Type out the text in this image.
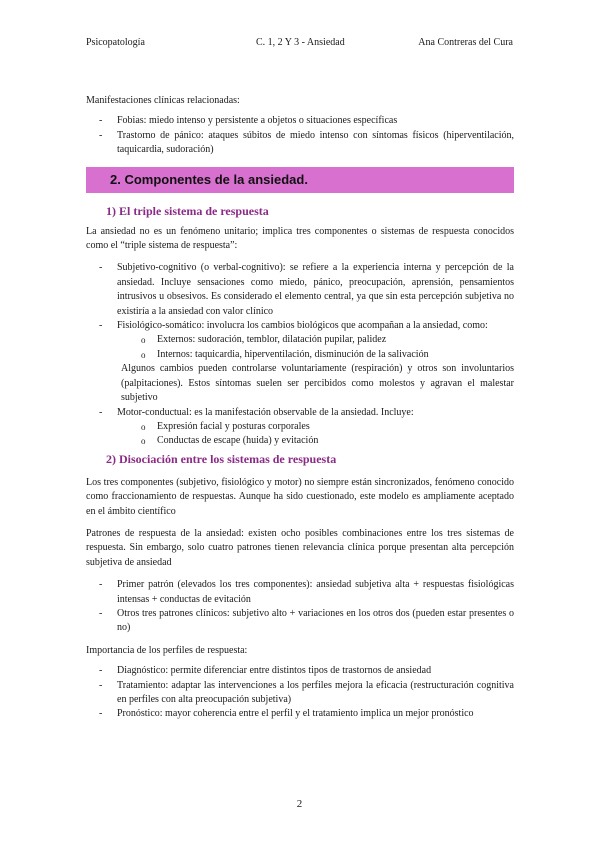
Psicopatología	C. 1, 2 Y 3 - Ansiedad	Ana Contreras del Cura

Manifestaciones clínicas relacionadas:

- Fobias: miedo intenso y persistente a objetos o situaciones específicas
- Trastorno de pánico: ataques súbitos de miedo intenso con síntomas físicos (hiperventilación, taquicardia, sudoración)
2. Componentes de la ansiedad.
1) El triple sistema de respuesta

La ansiedad no es un fenómeno unitario; implica tres componentes o sistemas de respuesta conocidos como el “triple sistema de respuesta”:

- Subjetivo-cognitivo (o verbal-cognitivo): se refiere a la experiencia interna y percepción de la ansiedad. Incluye sensaciones como miedo, pánico, preocupación, aprensión, pensamientos intrusivos u obsesivos. Es considerado el elemento central, ya que sin esta percepción subjetiva no existiría a la ansiedad con valor clínico
- Fisiológico-somático: involucra los cambios biológicos que acompañan a la ansiedad, como:
o Externos: sudoración, temblor, dilatación pupilar, palidez
o Internos: taquicardia, hiperventilación, disminución de la salivación

Algunos cambios pueden controlarse voluntariamente (respiración) y otros son involuntarios (palpitaciones). Estos síntomas suelen ser percibidos como molestos y agravan el malestar subjetivo

- Motor-conductual: es la manifestación observable de la ansiedad. Incluye:
o Expresión facial y posturas corporales
o Conductas de escape (huida) y evitación
2) Disociación entre los sistemas de respuesta

Los tres componentes (subjetivo, fisiológico y motor) no siempre están sincronizados, fenómeno conocido como fraccionamiento de respuestas. Aunque ha sido cuestionado, este modelo es ampliamente aceptado en el ámbito científico

Patrones de respuesta de la ansiedad: existen ocho posibles combinaciones entre los tres sistemas de respuesta. Sin embargo, solo cuatro patrones tienen relevancia clínica porque presentan alta percepción subjetiva de ansiedad

- Primer patrón (elevados los tres componentes): ansiedad subjetiva alta + respuestas fisiológicas intensas + conductas de evitación
- Otros tres patrones clínicos: subjetivo alto + variaciones en los otros dos (pueden estar presentes o no)

Importancia de los perfiles de respuesta:

- Diagnóstico: permite diferenciar entre distintos tipos de trastornos de ansiedad
- Tratamiento: adaptar las intervenciones a los perfiles mejora la eficacia (restructuración cognitiva en perfiles con alta preocupación subjetiva)
- Pronóstico: mayor coherencia entre el perfil y el tratamiento implica un mejor pronóstico
2
